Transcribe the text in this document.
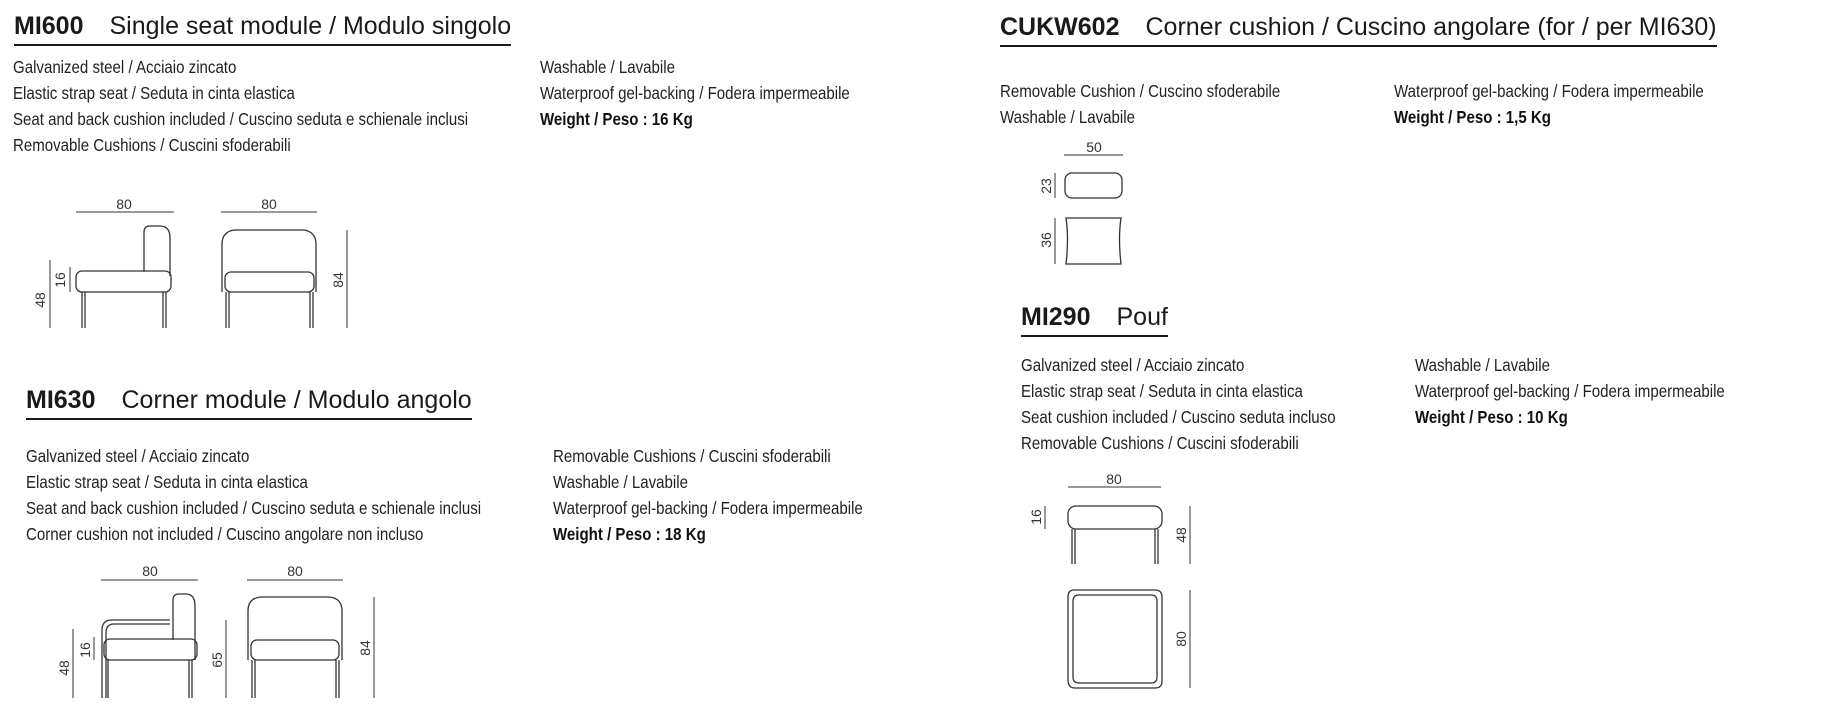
MI600 Single seat module / Modulo singolo
Galvanized steel / Acciaio zincato
Elastic strap seat / Seduta in cinta elastica
Seat and back cushion included / Cuscino seduta e schienale inclusi
Removable Cushions / Cuscini sfoderabili
Washable / Lavabile
Waterproof gel-backing / Fodera impermeabile
Weight / Peso : 16 Kg
MI630 Corner module / Modulo angolo
Galvanized steel / Acciaio zincato
Elastic strap seat / Seduta in cinta elastica
Seat and back cushion included / Cuscino seduta e schienale inclusi
Corner cushion not included / Cuscino angolare non incluso
Removable Cushions / Cuscini sfoderabili
Washable / Lavabile
Waterproof gel-backing / Fodera impermeabile
Weight / Peso : 18 Kg
CUKW602 Corner cushion / Cuscino angolare (for / per MI630)
Removable Cushion / Cuscino sfoderabile
Washable / Lavabile
Waterproof gel-backing / Fodera impermeabile
Weight / Peso : 1,5 Kg
MI290 Pouf
Galvanized steel / Acciaio zincato
Elastic strap seat / Seduta in cinta elastica
Seat cushion included / Cuscino seduta incluso
Removable Cushions / Cuscini sfoderabili
Washable / Lavabile
Waterproof gel-backing / Fodera impermeabile
Weight / Peso : 10 Kg
80
16
48
80
84
80
16
48
65
80
84
50
23
36
80
16
48
80
